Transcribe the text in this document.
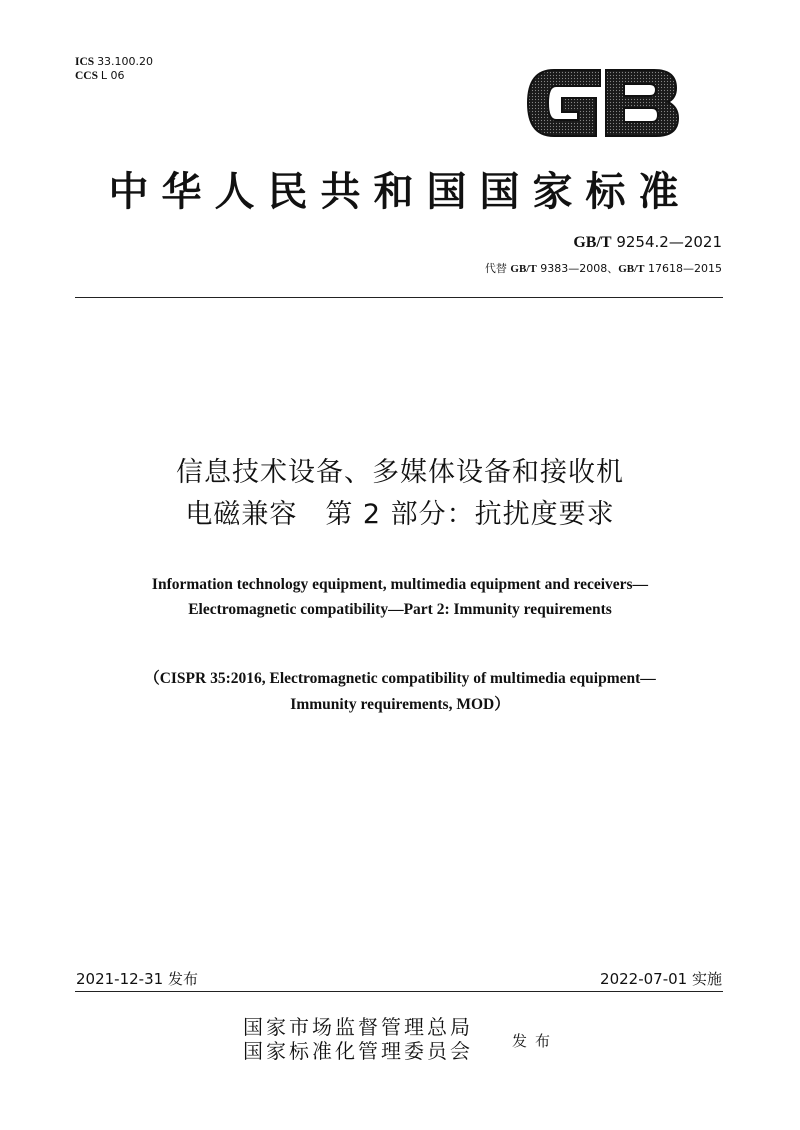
ICS 33.100.20
CCS L 06
中华人民共和国国家标准
GB/T 9254.2—2021
代替 GB/T 9383—2008、GB/T 17618—2015
信息技术设备、多媒体设备和接收机
电磁兼容　第 2 部分：抗扰度要求
Information technology equipment, multimedia equipment and receivers—
Electromagnetic compatibility—Part 2: Immunity requirements
（CISPR 35:2016, Electromagnetic compatibility of multimedia equipment—
Immunity requirements, MOD）
2021-12-31 发布	2022-07-01 实施
国家市场监督管理总局
国家标准化管理委员会	发布
